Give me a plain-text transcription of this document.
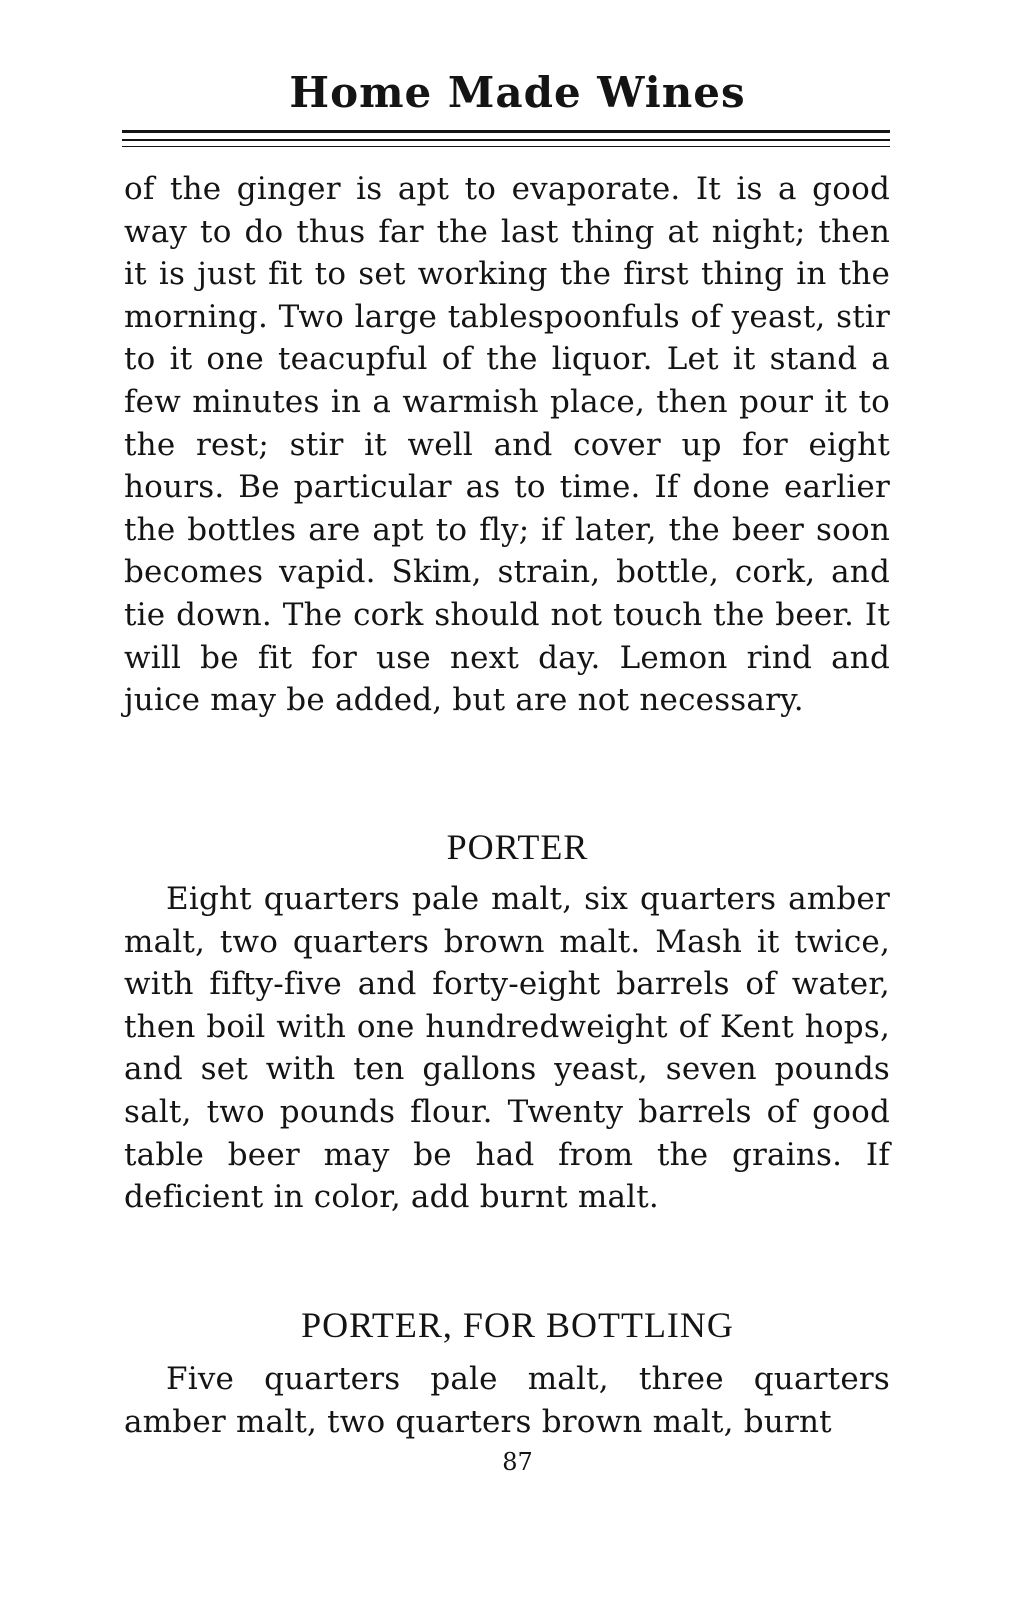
Home Made Wines

of the ginger is apt to evaporate. It is a good way to do thus far the last thing at night; then it is just fit to set working the first thing in the morning. Two large tablespoonfuls of yeast, stir to it one teacupful of the liquor. Let it stand a few minutes in a warmish place, then pour it to the rest; stir it well and cover up for eight hours. Be particular as to time. If done earlier the bottles are apt to fly; if later, the beer soon becomes vapid. Skim, strain, bottle, cork, and tie down. The cork should not touch the beer. It will be fit for use next day. Lemon rind and juice may be added, but are not necessary.

PORTER

Eight quarters pale malt, six quarters amber malt, two quarters brown malt. Mash it twice, with fifty-five and forty-eight barrels of water, then boil with one hundredweight of Kent hops, and set with ten gallons yeast, seven pounds salt, two pounds flour. Twenty barrels of good table beer may be had from the grains. If deficient in color, add burnt malt.

PORTER, FOR BOTTLING

Five quarters pale malt, three quarters amber malt, two quarters brown malt, burnt

87
